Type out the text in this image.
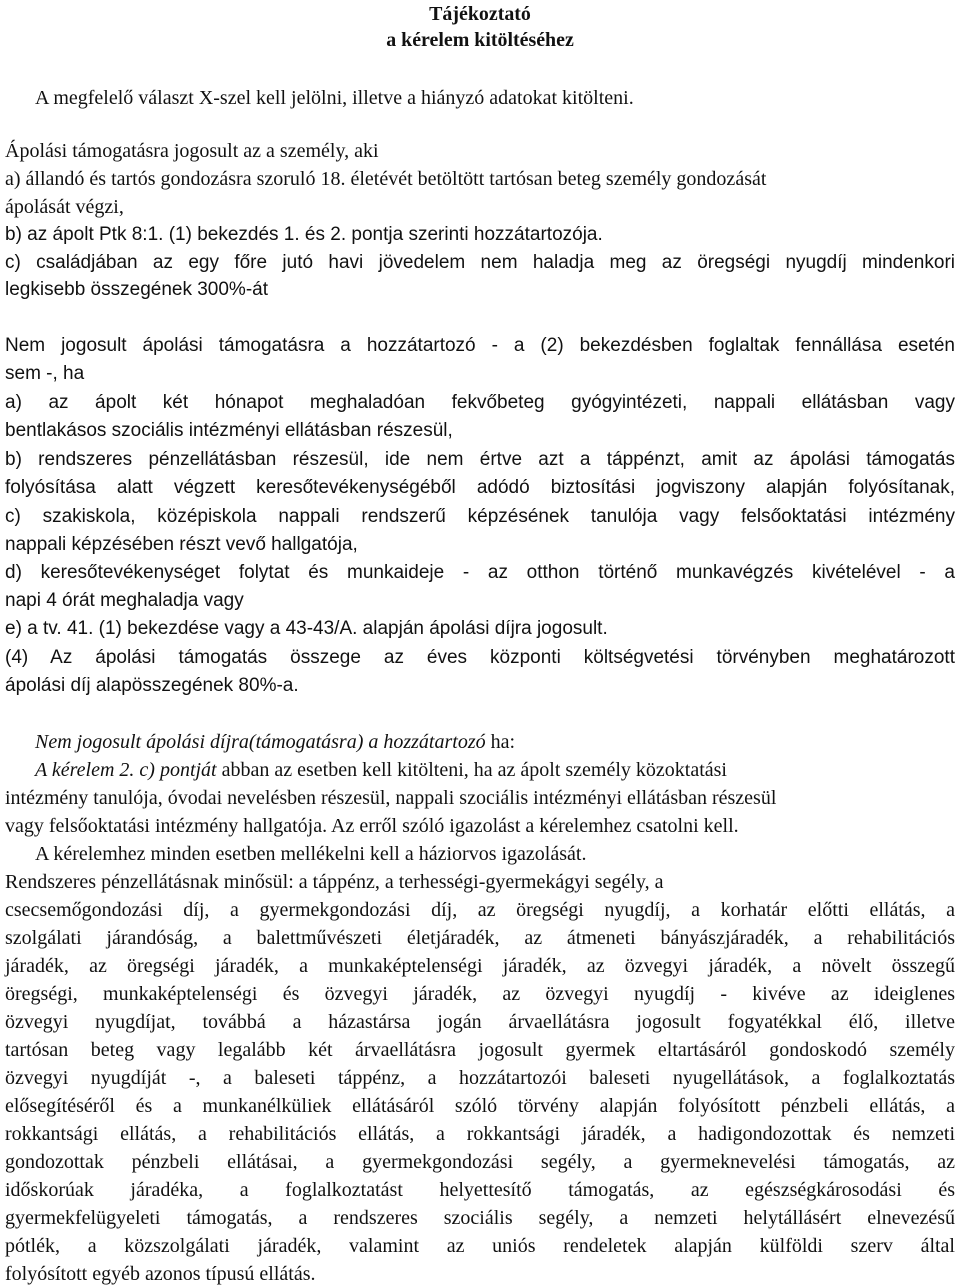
Tájékoztató

a kérelem kitöltéséhez

A megfelelő választ X-szel kell jelölni, illetve a hiányzó adatokat kitölteni.

Ápolási támogatásra jogosult az a személy, aki

a) állandó és tartós gondozásra szoruló 18. életévét betöltött tartósan beteg személy gondozását

ápolását végzi,

b) az ápolt Ptk 8:1. (1) bekezdés 1. és 2. pontja szerinti hozzátartozója.

c) családjában az egy főre jutó havi jövedelem nem haladja meg az öregségi nyugdíj mindenkori

legkisebb összegének 300%-át

Nem jogosult ápolási támogatásra a hozzátartozó - a (2) bekezdésben foglaltak fennállása esetén

sem -, ha

a) az ápolt két hónapot meghaladóan fekvőbeteg gyógyintézeti, nappali ellátásban vagy

bentlakásos szociális intézményi ellátásban részesül,

b) rendszeres pénzellátásban részesül, ide nem értve azt a táppénzt, amit az ápolási támogatás

folyósítása alatt végzett keresőtevékenységéből adódó biztosítási jogviszony alapján folyósítanak,

c) szakiskola, középiskola nappali rendszerű képzésének tanulója vagy felsőoktatási intézmény

nappali képzésében részt vevő hallgatója,

d) keresőtevékenységet folytat és munkaideje - az otthon történő munkavégzés kivételével - a

napi 4 órát meghaladja vagy

e) a tv. 41. (1) bekezdése vagy a 43-43/A. alapján ápolási díjra jogosult.

(4) Az ápolási támogatás összege az éves központi költségvetési törvényben meghatározott

ápolási díj alapösszegének 80%-a.

Nem jogosult ápolási díjra(támogatásra) a hozzátartozó ha:

A kérelem 2. c) pontját abban az esetben kell kitölteni, ha az ápolt személy közoktatási

intézmény tanulója, óvodai nevelésben részesül, nappali szociális intézményi ellátásban részesül

vagy felsőoktatási intézmény hallgatója. Az erről szóló igazolást a kérelemhez csatolni kell.

A kérelemhez minden esetben mellékelni kell a háziorvos igazolását.

Rendszeres pénzellátásnak minősül: a táppénz, a terhességi-gyermekágyi segély, a

csecsemőgondozási díj, a gyermekgondozási díj, az öregségi nyugdíj, a korhatár előtti ellátás, a

szolgálati járandóság, a balettművészeti életjáradék, az átmeneti bányászjáradék, a rehabilitációs

járadék, az öregségi járadék, a munkaképtelenségi járadék, az özvegyi járadék, a növelt összegű

öregségi, munkaképtelenségi és özvegyi járadék, az özvegyi nyugdíj - kivéve az ideiglenes

özvegyi nyugdíjat, továbbá a házastársa jogán árvaellátásra jogosult fogyatékkal élő, illetve

tartósan beteg vagy legalább két árvaellátásra jogosult gyermek eltartásáról gondoskodó személy

özvegyi nyugdíját -, a baleseti táppénz, a hozzátartozói baleseti nyugellátások, a foglalkoztatás

elősegítéséről és a munkanélküliek ellátásáról szóló törvény alapján folyósított pénzbeli ellátás, a

rokkantsági ellátás, a rehabilitációs ellátás, a rokkantsági járadék, a hadigondozottak és nemzeti

gondozottak pénzbeli ellátásai, a gyermekgondozási segély, a gyermeknevelési támogatás, az

időskorúak járadéka, a foglalkoztatást helyettesítő támogatás, az egészségkárosodási és

gyermekfelügyeleti támogatás, a rendszeres szociális segély, a nemzeti helytállásért elnevezésű

pótlék, a közszolgálati járadék, valamint az uniós rendeletek alapján külföldi szerv által

folyósított egyéb azonos típusú ellátás.
